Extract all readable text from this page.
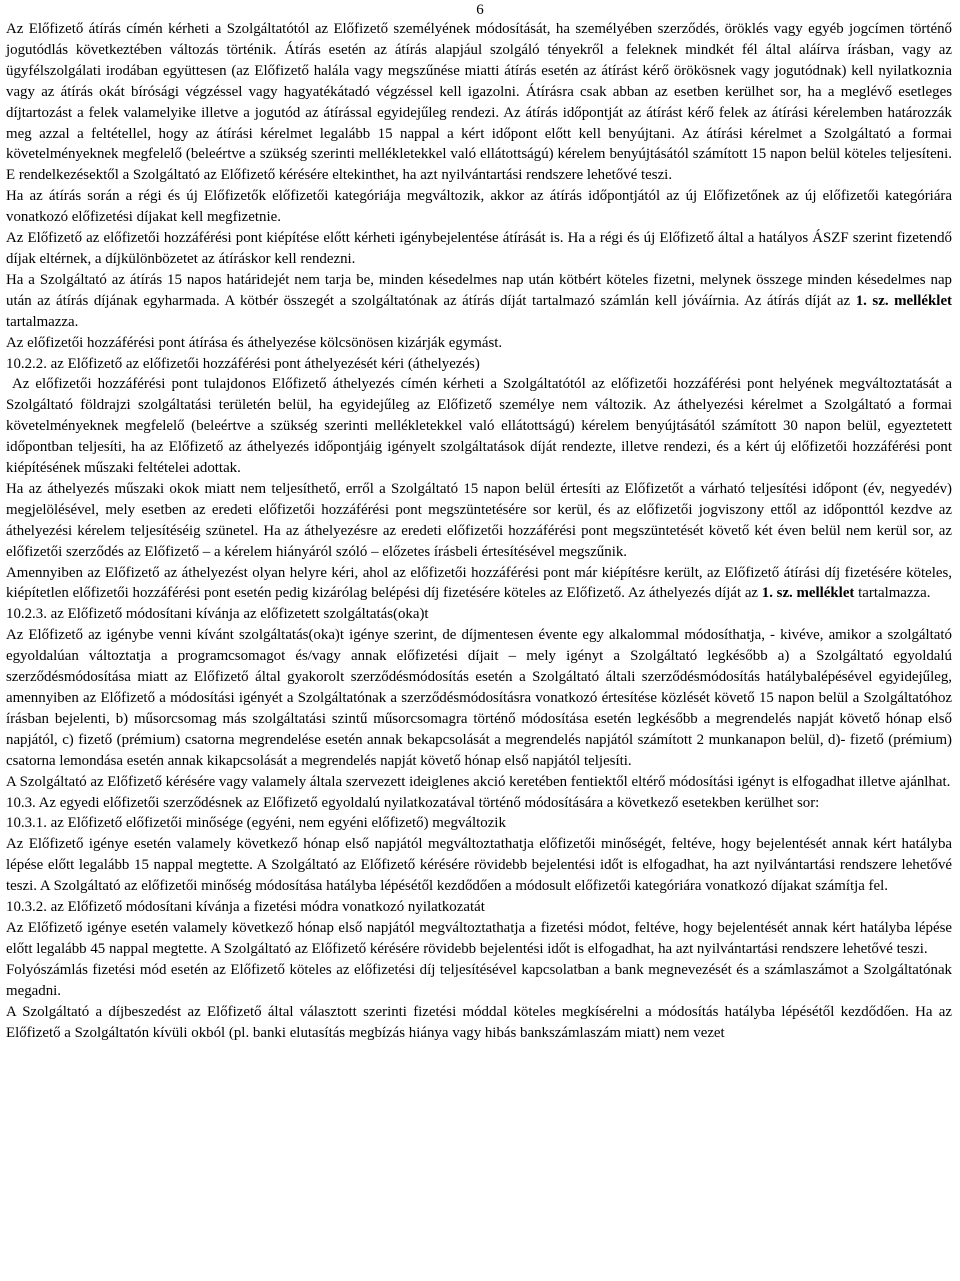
6

Az Előfizető átírás címén kérheti a Szolgáltatótól az Előfizető személyének módosítását, ha személyében szerződés, öröklés vagy egyéb jogcímen történő jogutódlás következtében változás történik. Átírás esetén az átírás alapjául szolgáló tényekről a feleknek mindkét fél által aláírva írásban, vagy az ügyfélszolgálati irodában együttesen (az Előfizető halála vagy megszűnése miatti átírás esetén az átírást kérő örökösnek vagy jogutódnak) kell nyilatkoznia vagy az átírás okát bírósági végzéssel vagy hagyatékátadó végzéssel kell igazolni. Átírásra csak abban az esetben kerülhet sor, ha a meglévő esetleges díjtartozást a felek valamelyike illetve a jogutód az átírással egyidejűleg rendezi. Az átírás időpontját az átírást kérő felek az átírási kérelemben határozzák meg azzal a feltétellel, hogy az átírási kérelmet legalább 15 nappal a kért időpont előtt kell benyújtani. Az átírási kérelmet a Szolgáltató a formai követelményeknek megfelelő (beleértve a szükség szerinti mellékletekkel való ellátottságú) kérelem benyújtásától számított 15 napon belül köteles teljesíteni. E rendelkezésektől a Szolgáltató az Előfizető kérésére eltekinthet, ha azt nyilvántartási rendszere lehetővé teszi.

Ha az átírás során a régi és új Előfizetők előfizetői kategóriája megváltozik, akkor az átírás időpontjától az új Előfizetőnek az új előfizetői kategóriára vonatkozó előfizetési díjakat kell megfizetnie.

Az Előfizető az előfizetői hozzáférési pont kiépítése előtt kérheti igénybejelentése átírását is. Ha a régi és új Előfizető által a hatályos ÁSZF szerint fizetendő díjak eltérnek, a díjkülönbözetet az átíráskor kell rendezni.

Ha a Szolgáltató az átírás 15 napos határidejét nem tarja be, minden késedelmes nap után kötbért köteles fizetni, melynek összege minden késedelmes nap után az átírás díjának egyharmada. A kötbér összegét a szolgáltatónak az átírás díját tartalmazó számlán kell jóváírnia. Az átírás díját az 1. sz. melléklet tartalmazza.

Az előfizetői hozzáférési pont átírása és áthelyezése kölcsönösen kizárják egymást.

10.2.2. az Előfizető az előfizetői hozzáférési pont áthelyezését kéri (áthelyezés)

Az előfizetői hozzáférési pont tulajdonos Előfizető áthelyezés címén kérheti a Szolgáltatótól az előfizetői hozzáférési pont helyének megváltoztatását a Szolgáltató földrajzi szolgáltatási területén belül, ha egyidejűleg az Előfizető személye nem változik. Az áthelyezési kérelmet a Szolgáltató a formai követelményeknek megfelelő (beleértve a szükség szerinti mellékletekkel való ellátottságú) kérelem benyújtásától számított 30 napon belül, egyeztetett időpontban teljesíti, ha az Előfizető az áthelyezés időpontjáig igényelt szolgáltatások díját rendezte, illetve rendezi, és a kért új előfizetői hozzáférési pont kiépítésének műszaki feltételei adottak.

Ha az áthelyezés műszaki okok miatt nem teljesíthető, erről a Szolgáltató 15 napon belül értesíti az Előfizetőt a várható teljesítési időpont (év, negyedév) megjelölésével, mely esetben az eredeti előfizetői hozzáférési pont megszüntetésére sor kerül, és az előfizetői jogviszony ettől az időponttól kezdve az áthelyezési kérelem teljesítéséig szünetel. Ha az áthelyezésre az eredeti előfizetői hozzáférési pont megszüntetését követő két éven belül nem kerül sor, az előfizetői szerződés az Előfizető – a kérelem hiányáról szóló – előzetes írásbeli értesítésével megszűnik.

Amennyiben az Előfizető az áthelyezést olyan helyre kéri, ahol az előfizetői hozzáférési pont már kiépítésre került, az Előfizető átírási díj fizetésére köteles, kiépítetlen előfizetői hozzáférési pont esetén pedig kizárólag belépési díj fizetésére köteles az Előfizető. Az áthelyezés díját az 1. sz. melléklet tartalmazza.

10.2.3. az Előfizető módosítani kívánja az előfizetett szolgáltatás(oka)t

Az Előfizető az igénybe venni kívánt szolgáltatás(oka)t igénye szerint, de díjmentesen évente egy alkalommal módosíthatja, - kivéve, amikor a szolgáltató egyoldalúan változtatja a programcsomagot és/vagy annak előfizetési díjait – mely igényt a Szolgáltató legkésőbb a) a Szolgáltató egyoldalú szerződésmódosítása miatt az Előfizető által gyakorolt szerződésmódosítás esetén a Szolgáltató általi szerződésmódosítás hatálybalépésével egyidejűleg, amennyiben az Előfizető a módosítási igényét a Szolgáltatónak a szerződésmódosításra vonatkozó értesítése közlését követő 15 napon belül a Szolgáltatóhoz írásban bejelenti, b) műsorcsomag más szolgáltatási szintű műsorcsomagra történő módosítása esetén legkésőbb a megrendelés napját követő hónap első napjától, c) fizető (prémium) csatorna megrendelése esetén annak bekapcsolását a megrendelés napjától számított 2 munkanapon belül, d)- fizető (prémium) csatorna lemondása esetén annak kikapcsolását a megrendelés napját követő hónap első napjától teljesíti.

A Szolgáltató az Előfizető kérésére vagy valamely általa szervezett ideiglenes akció keretében fentiektől eltérő módosítási igényt is elfogadhat illetve ajánlhat.

10.3. Az egyedi előfizetői szerződésnek az Előfizető egyoldalú nyilatkozatával történő módosítására a következő esetekben kerülhet sor:

10.3.1. az Előfizető előfizetői minősége (egyéni, nem egyéni előfizető) megváltozik

Az Előfizető igénye esetén valamely következő hónap első napjától megváltoztathatja előfizetői minőségét, feltéve, hogy bejelentését annak kért hatályba lépése előtt legalább 15 nappal megtette. A Szolgáltató az Előfizető kérésére rövidebb bejelentési időt is elfogadhat, ha azt nyilvántartási rendszere lehetővé teszi. A Szolgáltató az előfizetői minőség módosítása hatályba lépésétől kezdődően a módosult előfizetői kategóriára vonatkozó díjakat számítja fel.

10.3.2. az Előfizető módosítani kívánja a fizetési módra vonatkozó nyilatkozatát

Az Előfizető igénye esetén valamely következő hónap első napjától megváltoztathatja a fizetési módot, feltéve, hogy bejelentését annak kért hatályba lépése előtt legalább 45 nappal megtette. A Szolgáltató az Előfizető kérésére rövidebb bejelentési időt is elfogadhat, ha azt nyilvántartási rendszere lehetővé teszi.

Folyószámlás fizetési mód esetén az Előfizető köteles az előfizetési díj teljesítésével kapcsolatban a bank megnevezését és a számlaszámot a Szolgáltatónak megadni.

A Szolgáltató a díjbeszedést az Előfizető által választott szerinti fizetési móddal köteles megkísérelni a módosítás hatályba lépésétől kezdődően. Ha az Előfizető a Szolgáltatón kívüli okból (pl. banki elutasítás megbízás hiánya vagy hibás bankszámlaszám miatt) nem vezet
